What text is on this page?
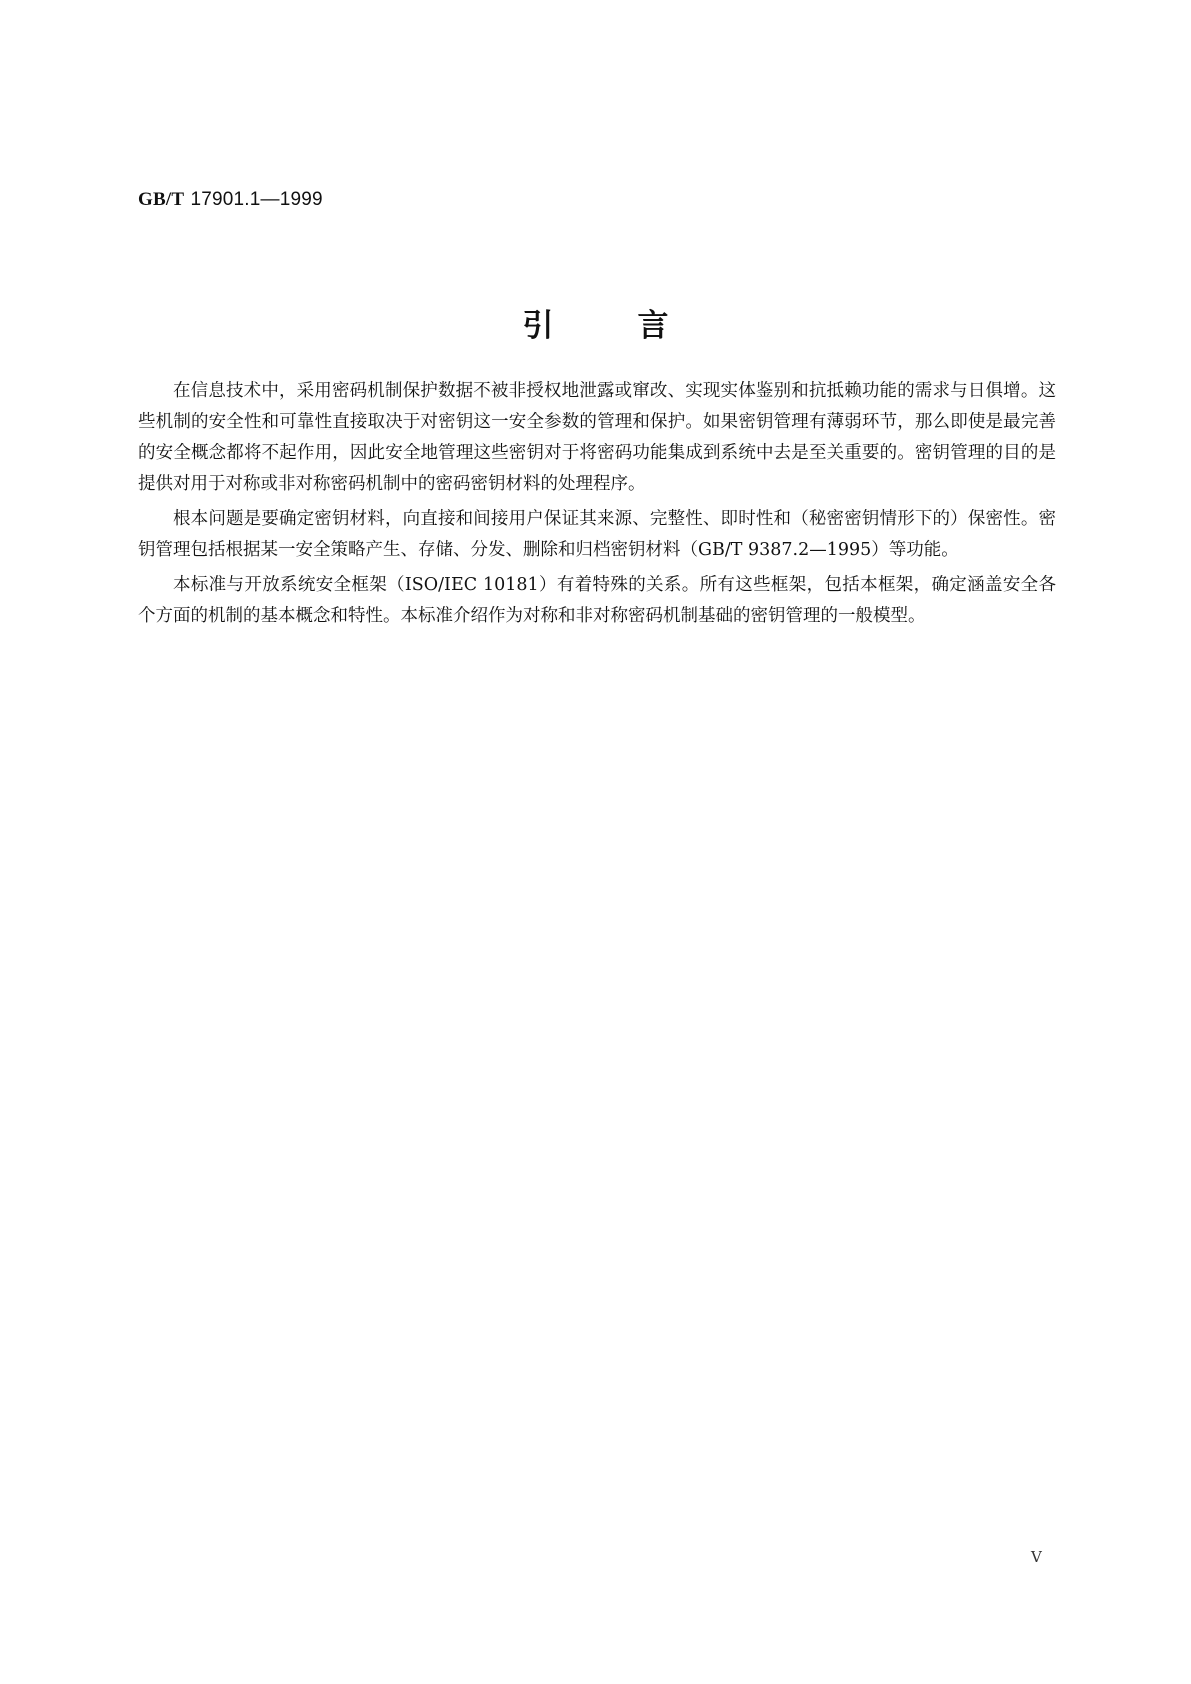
GB/T 17901.1—1999
引	言

在信息技术中，采用密码机制保护数据不被非授权地泄露或窜改、实现实体鉴别和抗抵赖功能的需求与日俱增。这些机制的安全性和可靠性直接取决于对密钥这一安全参数的管理和保护。如果密钥管理有薄弱环节，那么即使是最完善的安全概念都将不起作用，因此安全地管理这些密钥对于将密码功能集成到系统中去是至关重要的。密钥管理的目的是提供对用于对称或非对称密码机制中的密码密钥材料的处理程序。

根本问题是要确定密钥材料，向直接和间接用户保证其来源、完整性、即时性和（秘密密钥情形下的）保密性。密钥管理包括根据某一安全策略产生、存储、分发、删除和归档密钥材料（GB/T 9387.2—1995）等功能。

本标准与开放系统安全框架（ISO/IEC 10181）有着特殊的关系。所有这些框架，包括本框架，确定涵盖安全各个方面的机制的基本概念和特性。本标准介绍作为对称和非对称密码机制基础的密钥管理的一般模型。

V
